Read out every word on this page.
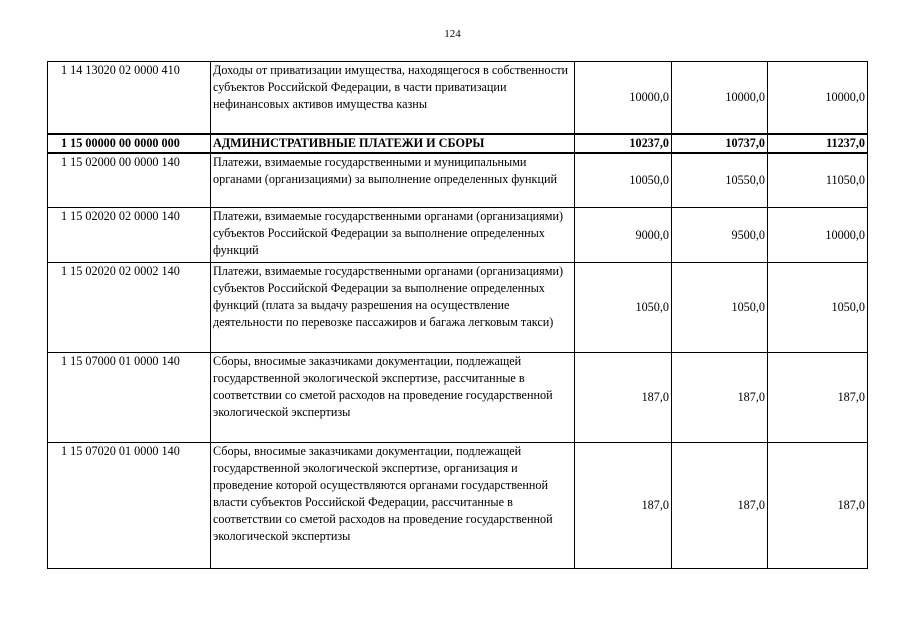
124
1 14 13020 02 0000 410	Доходы от приватизации имущества, находящегося в собственности субъектов Российской Федерации, в части приватизации нефинансовых активов имущества казны	10000,0	10000,0	10000,0
1 15 00000 00 0000 000	АДМИНИСТРАТИВНЫЕ ПЛАТЕЖИ И СБОРЫ	10237,0	10737,0	11237,0
1 15 02000 00 0000 140	Платежи, взимаемые государственными и муниципальными органами (организациями) за выполнение определенных функций	10050,0	10550,0	11050,0
1 15 02020 02 0000 140	Платежи, взимаемые государственными органами (организациями) субъектов Российской Федерации за выполнение определенных функций	9000,0	9500,0	10000,0
1 15 02020 02 0002 140	Платежи, взимаемые государственными органами (организациями) субъектов Российской Федерации за выполнение определенных функций (плата за выдачу разрешения на осуществление деятельности по перевозке пассажиров и багажа легковым такси)	1050,0	1050,0	1050,0
1 15 07000 01 0000 140	Сборы, вносимые заказчиками документации, подлежащей государственной экологической экспертизе, рассчитанные в соответствии со сметой расходов на проведение государственной экологической экспертизы	187,0	187,0	187,0
1 15 07020 01 0000 140	Сборы, вносимые заказчиками документации, подлежащей государственной экологической экспертизе, организация и проведение которой осуществляются органами государственной власти субъектов Российской Федерации, рассчитанные в соответствии со сметой расходов на проведение государственной экологической экспертизы	187,0	187,0	187,0
